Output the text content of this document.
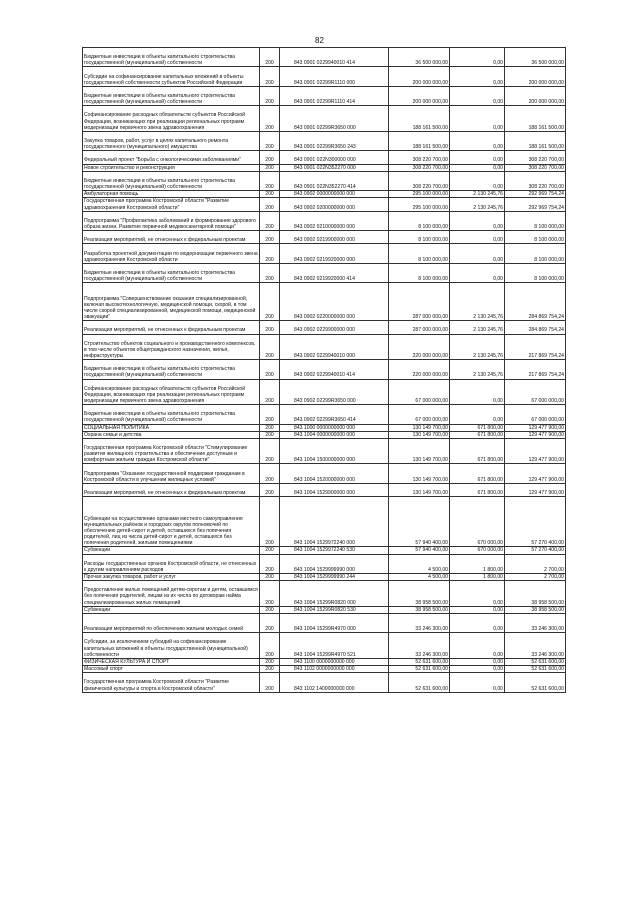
82
Бюджетные инвестиции в объекты капитального строительства государственной (муниципальной) собственности	200	843 0901 0229940010 414	36 500 000,00	0,00	36 500 000,00
Субсидии на софинансирование капитальных вложений в объекты государственной собственности субъектов Российской Федерации	200	843 0901 02299R1110 000	200 000 000,00	0,00	200 000 000,00
Бюджетные инвестиции в объекты капитального строительства государственной (муниципальной) собственности	200	843 0901 02299R1110 414	200 000 000,00	0,00	200 000 000,00
Софинансирование расходных обязательств субъектов Российской Федерации, возникающих при реализации региональных программ модернизации первичного звена здравоохранения	200	843 0901 02299R3650 000	188 161 500,00	0,00	188 161 500,00
Закупка товаров, работ, услуг в целях капитального ремонта государственного (муниципального) имущества	200	843 0901 02299R3650 243	188 161 500,00	0,00	188 161 500,00
Федеральный проект "Борьба с онкологическими заболеваниями"	200	843 0901 022N300000 000	308 220 700,00	0,00	308 220 700,00
Новое строительство и реконструкция	200	843 0901 022N352270 000	308 220 700,00	0,00	308 220 700,00
Бюджетные инвестиции в объекты капитального строительства государственной (муниципальной) собственности	200	843 0901 022N352270 414	308 220 700,00	0,00	308 220 700,00
Амбулаторная помощь	200	843 0902 0000000000 000	295 100 000,00	2 130 245,76	292 969 754,24
Государственная программа Костромской области "Развитие здравоохранения Костромской области"	200	843 0902 0200000000 000	295 100 000,00	2 130 245,76	292 969 754,24
Подпрограмма "Профилактика заболеваний и формирование здорового образа жизни. Развитие первичной медикосанитарной помощи"	200	843 0902 0210000000 000	8 100 000,00	0,00	8 100 000,00
Реализация мероприятий, не отнесенных к федеральным проектам	200	843 0902 0219900000 000	8 100 000,00	0,00	8 100 000,00
Разработка проектной документации по модернизации первичного звена здравоохранения Костромской области	200	843 0902 0219920000 000	8 100 000,00	0,00	8 100 000,00
Бюджетные инвестиции в объекты капитального строительства государственной (муниципальной) собственности	200	843 0902 0219920000 414	8 100 000,00	0,00	8 100 000,00
Подпрограмма "Совершенствование оказания специализированной, включая высокотехнологичную, медицинской помощи, скорой, в том числе скорой специализированной, медицинской помощи, медицинской эвакуации"	200	843 0902 0220000000 000	287 000 000,00	2 130 245,76	284 869 754,24
Реализация мероприятий, не отнесенных к федеральным проектам	200	843 0902 0229900000 000	287 000 000,00	2 130 245,76	284 869 754,24
Строительство объектов социального и производственного комплексов, в том числе объектов общегражданского назначения, жилья, инфраструктуры	200	843 0902 0229940010 000	220 000 000,00	2 130 245,76	217 869 754,24
Бюджетные инвестиции в объекты капитального строительства государственной (муниципальной) собственности	200	843 0902 0229940010 414	220 000 000,00	2 130 245,76	217 869 754,24
Софинансирование расходных обязательств субъектов Российской Федерации, возникающих при реализации региональных программ модернизации первичного звена здравоохранения	200	843 0902 02299R3650 000	67 000 000,00	0,00	67 000 000,00
Бюджетные инвестиции в объекты капитального строительства государственной (муниципальной) собственности	200	843 0902 02299R3650 414	67 000 000,00	0,00	67 000 000,00
СОЦИАЛЬНАЯ ПОЛИТИКА	200	843 1000 0000000000 000	130 149 700,00	671 800,00	129 477 900,00
Охрана семьи и детства	200	843 1004 0000000000 000	130 149 700,00	671 800,00	129 477 900,00
Государственная программа Костромской области "Стимулирование развития жилищного строительства и обеспечение доступным и комфортным жильем граждан Костромской области"	200	843 1004 1500000000 000	130 149 700,00	671 800,00	129 477 900,00
Подпрограмма "Оказание государственной поддержки гражданам в Костромской области в улучшении жилищных условий"	200	843 1004 1520000000 000	130 149 700,00	671 800,00	129 477 900,00
Реализация мероприятий, не отнесенных к федеральным проектам	200	843 1004 1529900000 000	130 149 700,00	671 800,00	129 477 900,00
Субвенции на осуществление органами местного самоуправления муниципальных районов и городских округов полномочий по обеспечению детей-сирот и детей, оставшихся без попечения родителей, лиц из числа детей-сирот и детей, оставшихся без попечения родителей, жилыми помещениями	200	843 1004 1529972240 000	57 940 400,00	670 000,00	57 270 400,00
Субвенции	200	843 1004 1529972240 530	57 940 400,00	670 000,00	57 270 400,00
Расходы государственных органов Костромской области, не отнесенных к другим направлениям расходов	200	843 1004 1529999990 000	4 500,00	1 800,00	2 700,00
Прочая закупка товаров, работ и услуг	200	843 1004 1529999990 244	4 500,00	1 800,00	2 700,00
Предоставление жилых помещений детям-сиротам и детям, оставшимся без попечения родителей, лицам из их числа по договорам найма специализированных жилых помещений	200	843 1004 15299R0820 000	38 958 500,00	0,00	38 958 500,00
Субвенции	200	843 1004 15299R0820 530	38 958 500,00	0,00	38 958 500,00
Реализация мероприятий по обеспечению жильем молодых семей	200	843 1004 15299R4970 000	33 246 300,00	0,00	33 246 300,00
Субсидии, за исключением субсидий на софинансирование капитальных вложений в объекты государственной (муниципальной) собственности	200	843 1004 15299R4970 521	33 246 300,00	0,00	33 246 300,00
ФИЗИЧЕСКАЯ КУЛЬТУРА И СПОРТ	200	843 1100 0000000000 000	52 631 600,00	0,00	52 631 600,00
Массовый спорт	200	843 1102 0000000000 000	52 631 600,00	0,00	52 631 600,00
Государственная программа Костромской области "Развитие физической культуры и спорта в Костромской области"	200	843 1102 1400000000 000	52 631 600,00	0,00	52 631 600,00
